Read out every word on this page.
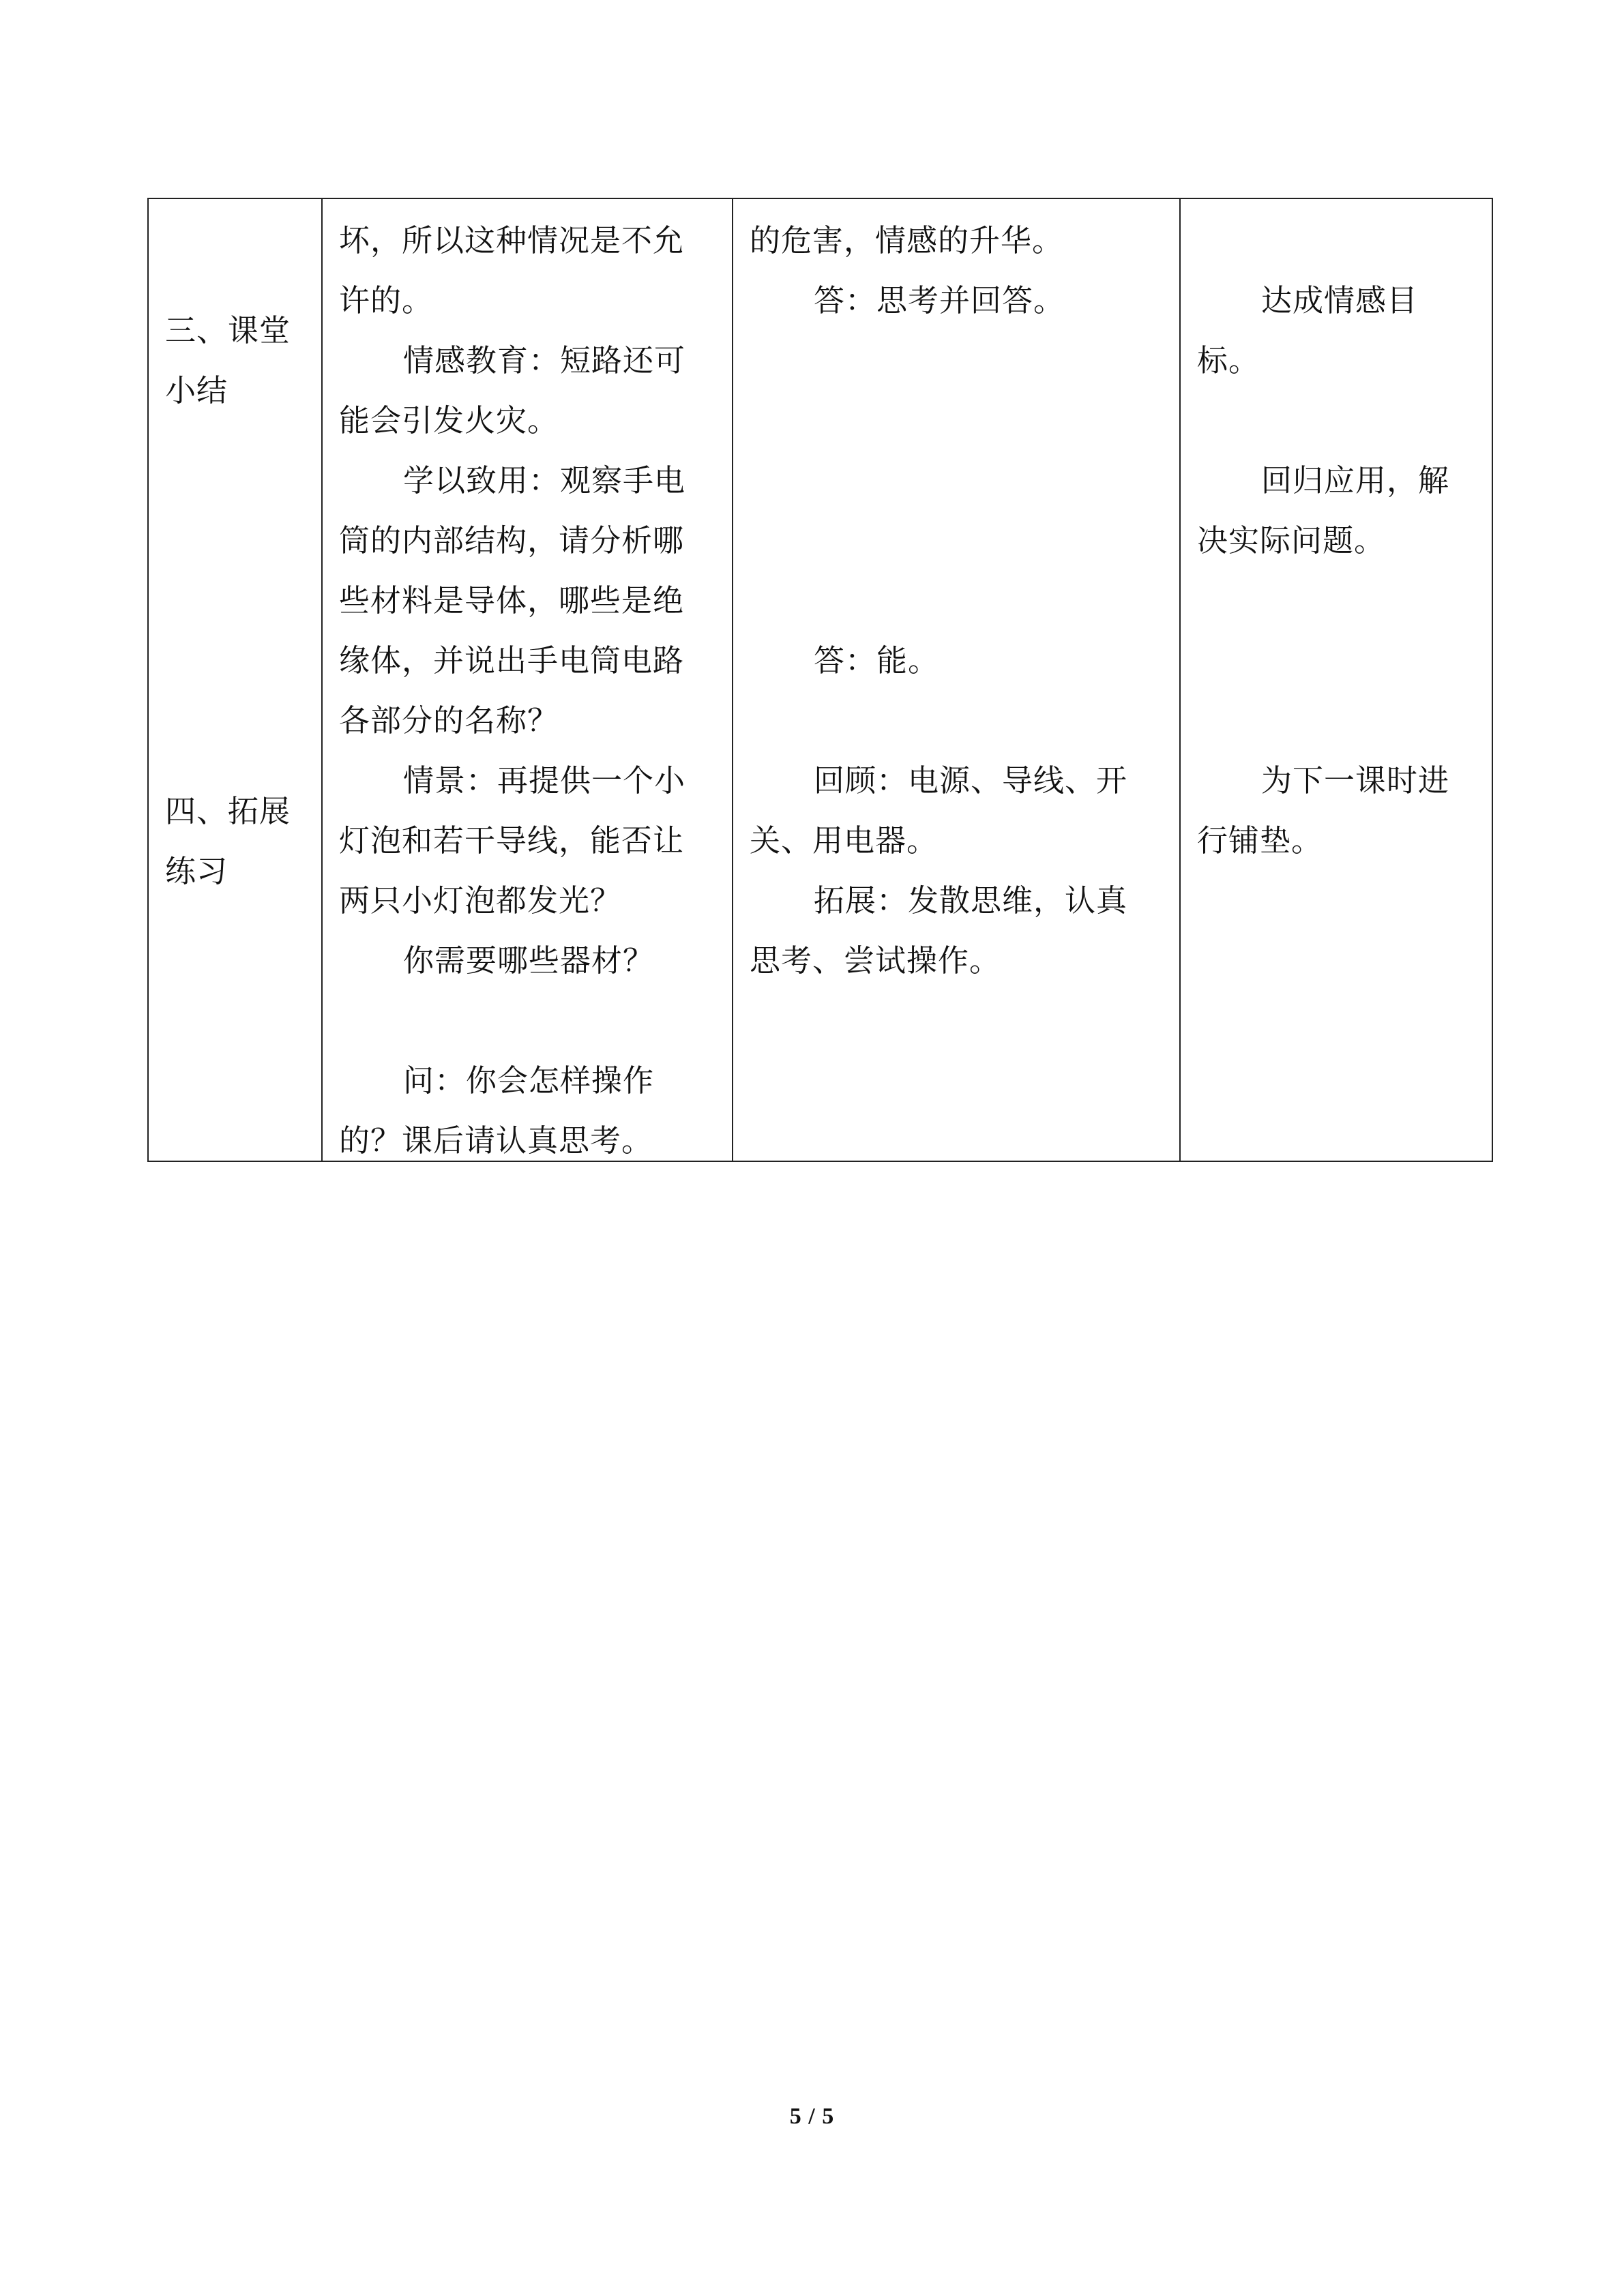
三、课堂
小结
四、拓展
练习

坏，所以这种情况是不允
许的。
情感教育：短路还可
能会引发火灾。
学以致用：观察手电
筒的内部结构，请分析哪
些材料是导体，哪些是绝
缘体，并说出手电筒电路
各部分的名称？
情景：再提供一个小
灯泡和若干导线，能否让
两只小灯泡都发光？
你需要哪些器材？
问：你会怎样操作
的？课后请认真思考。

的危害，情感的升华。
答：思考并回答。
答：能。
回顾：电源、导线、开
关、用电器。
拓展：发散思维，认真
思考、尝试操作。

达成情感目
标。
回归应用，解
决实际问题。
为下一课时进
行铺垫。
5 / 5
